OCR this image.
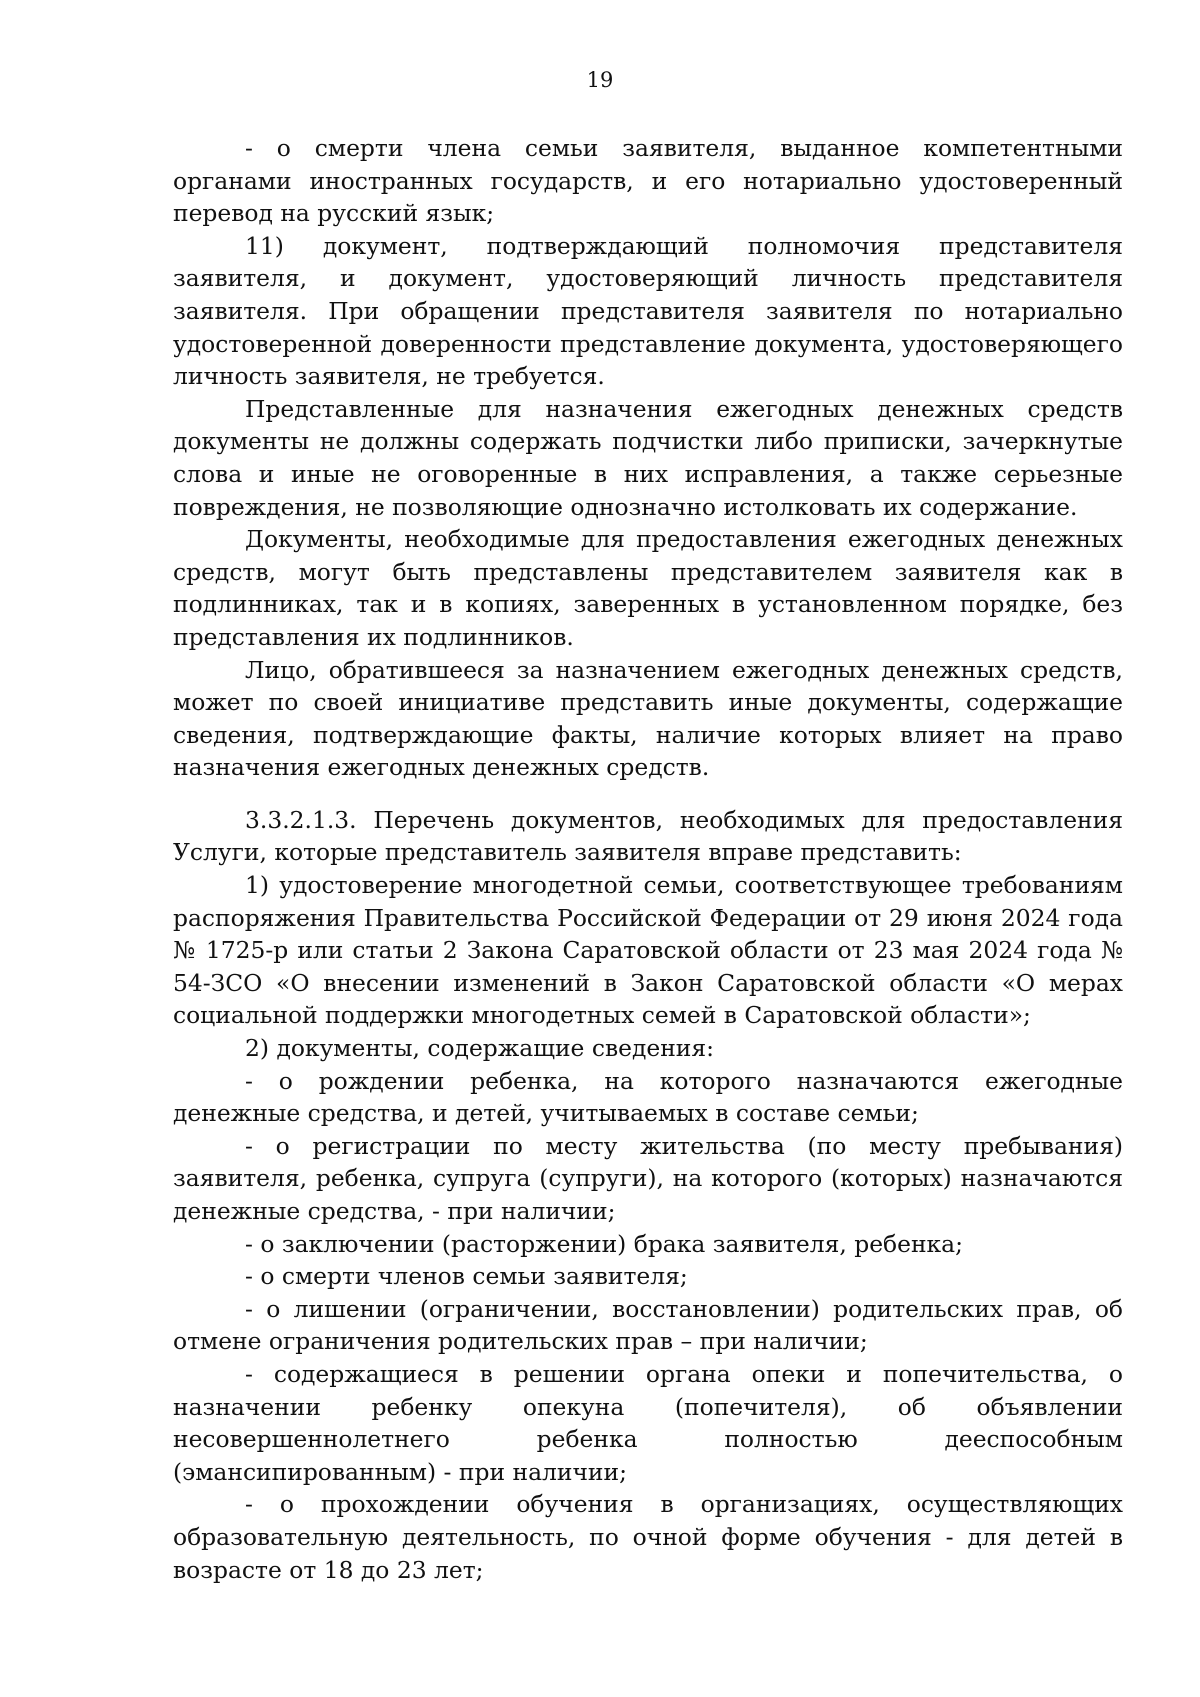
19

- о смерти члена семьи заявителя, выданное компетентными органами иностранных государств, и его нотариально удостоверенный перевод на русский язык;

11) документ, подтверждающий полномочия представителя заявителя, и документ, удостоверяющий личность представителя заявителя. При обращении представителя заявителя по нотариально удостоверенной доверенности представление документа, удостоверяющего личность заявителя, не требуется.

Представленные для назначения ежегодных денежных средств документы не должны содержать подчистки либо приписки, зачеркнутые слова и иные не оговоренные в них исправления, а также серьезные повреждения, не позволяющие однозначно истолковать их содержание.

Документы, необходимые для предоставления ежегодных денежных средств, могут быть представлены представителем заявителя как в подлинниках, так и в копиях, заверенных в установленном порядке, без представления их подлинников.

Лицо, обратившееся за назначением ежегодных денежных средств, может по своей инициативе представить иные документы, содержащие сведения, подтверждающие факты, наличие которых влияет на право назначения ежегодных денежных средств.

3.3.2.1.3. Перечень документов, необходимых для предоставления Услуги, которые представитель заявителя вправе представить:

1) удостоверение многодетной семьи, соответствующее требованиям распоряжения Правительства Российской Федерации от 29 июня 2024 года № 1725-р или статьи 2 Закона Саратовской области от 23 мая 2024 года № 54-ЗСО «О внесении изменений в Закон Саратовской области «О мерах социальной поддержки многодетных семей в Саратовской области»;

2) документы, содержащие сведения:

- о рождении ребенка, на которого назначаются ежегодные денежные средства, и детей, учитываемых в составе семьи;

- о регистрации по месту жительства (по месту пребывания) заявителя, ребенка, супруга (супруги), на которого (которых) назначаются денежные средства, - при наличии;

- о заключении (расторжении) брака заявителя, ребенка;

- о смерти членов семьи заявителя;

- о лишении (ограничении, восстановлении) родительских прав, об отмене ограничения родительских прав – при наличии;

- содержащиеся в решении органа опеки и попечительства, о назначении ребенку опекуна (попечителя), об объявлении несовершеннолетнего ребенка полностью дееспособным (эмансипированным) - при наличии;

- о прохождении обучения в организациях, осуществляющих образовательную деятельность, по очной форме обучения - для детей в возрасте от 18 до 23 лет;
